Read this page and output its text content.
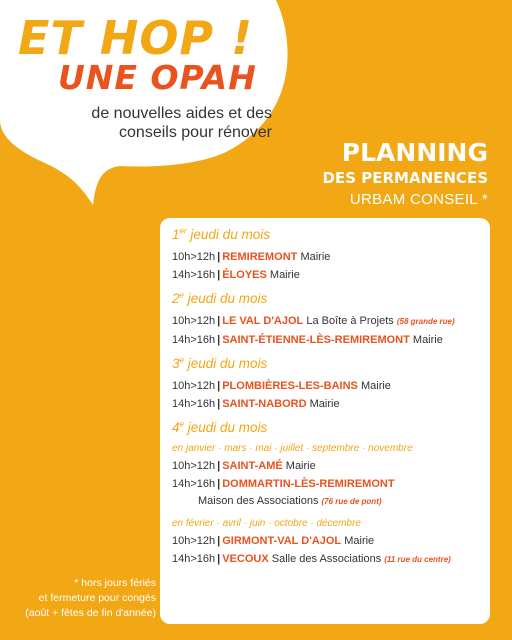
ET HOP !
UNE OPAH
de nouvelles aides et des conseils pour rénover
PLANNING
DES PERMANENCES
URBAM CONSEIL *
1er jeudi du mois
10h>12h | REMIREMONT Mairie
14h>16h | ÉLOYES Mairie
2e jeudi du mois
10h>12h | LE VAL D'AJOL La Boîte à Projets (58 grande rue)
14h>16h | SAINT-ÉTIENNE-LÈS-REMIREMONT Mairie
3e jeudi du mois
10h>12h | PLOMBIÈRES-LES-BAINS Mairie
14h>16h | SAINT-NABORD Mairie
4e jeudi du mois
en janvier · mars · mai · juillet · septembre · novembre
10h>12h | SAINT-AMÉ Mairie
14h>16h | DOMMARTIN-LÈS-REMIREMONT
Maison des Associations (76 rue de pont)
en février · avril · juin · octobre · décembre
10h>12h | GIRMONT-VAL D'AJOL Mairie
14h>16h | VECOUX Salle des Associations (11 rue du centre)
* hors jours fériés
et fermeture pour congés
(août + fêtes de fin d'année)
